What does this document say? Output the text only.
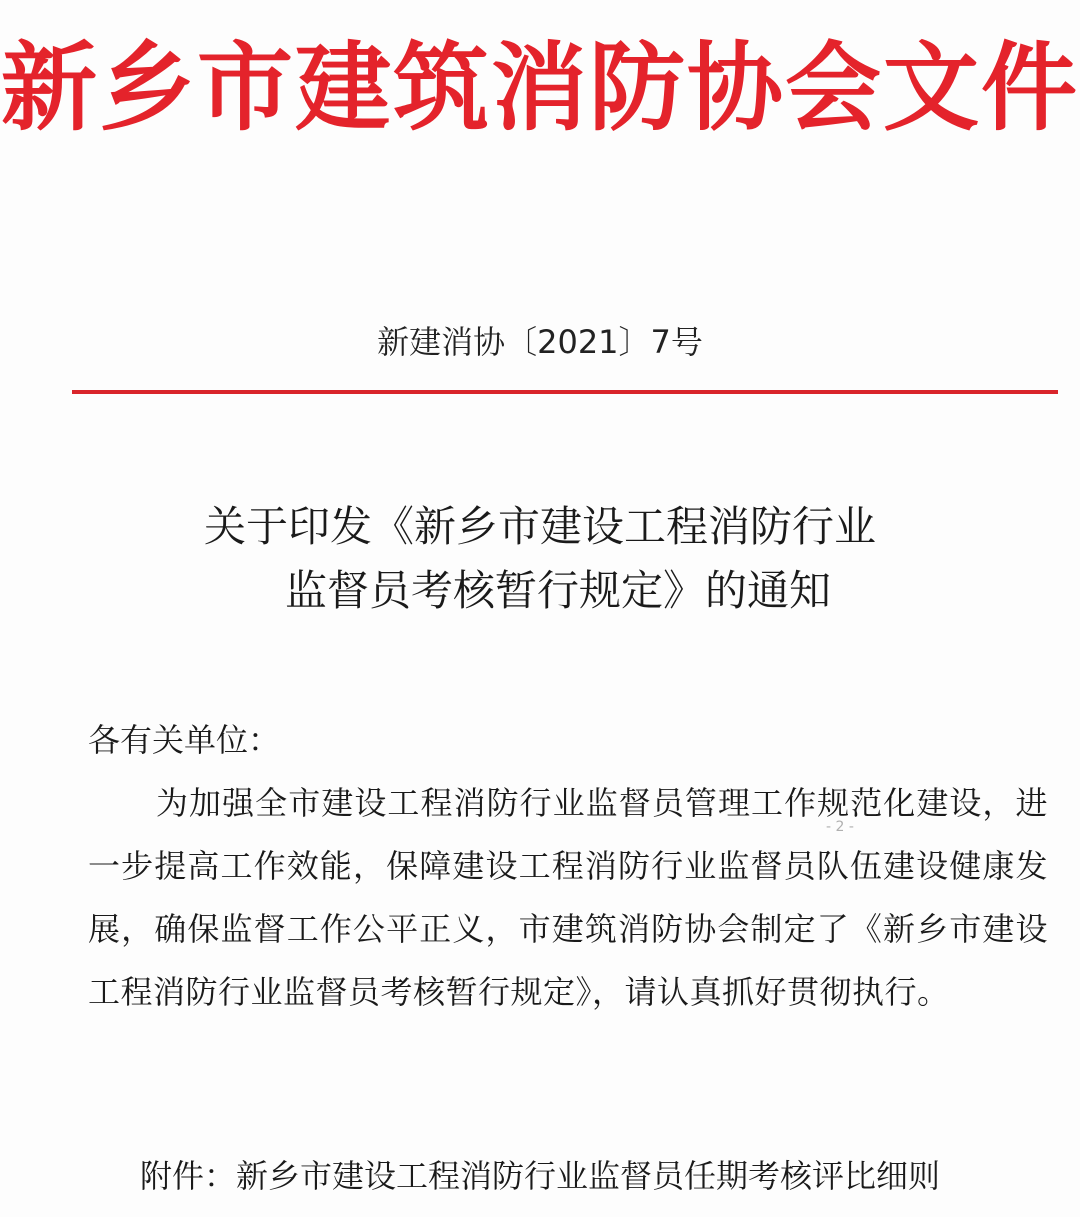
新乡市建筑消防协会文件
新建消协〔2021〕7号
关于印发《新乡市建设工程消防行业
监督员考核暂行规定》的通知
各有关单位：
为加强全市建设工程消防行业监督员管理工作规范化建设，进一步提高工作效能，保障建设工程消防行业监督员队伍建设健康发展，确保监督工作公平正义，市建筑消防协会制定了《新乡市建设工程消防行业监督员考核暂行规定》，请认真抓好贯彻执行。
- 2 -
附件：新乡市建设工程消防行业监督员任期考核评比细则
